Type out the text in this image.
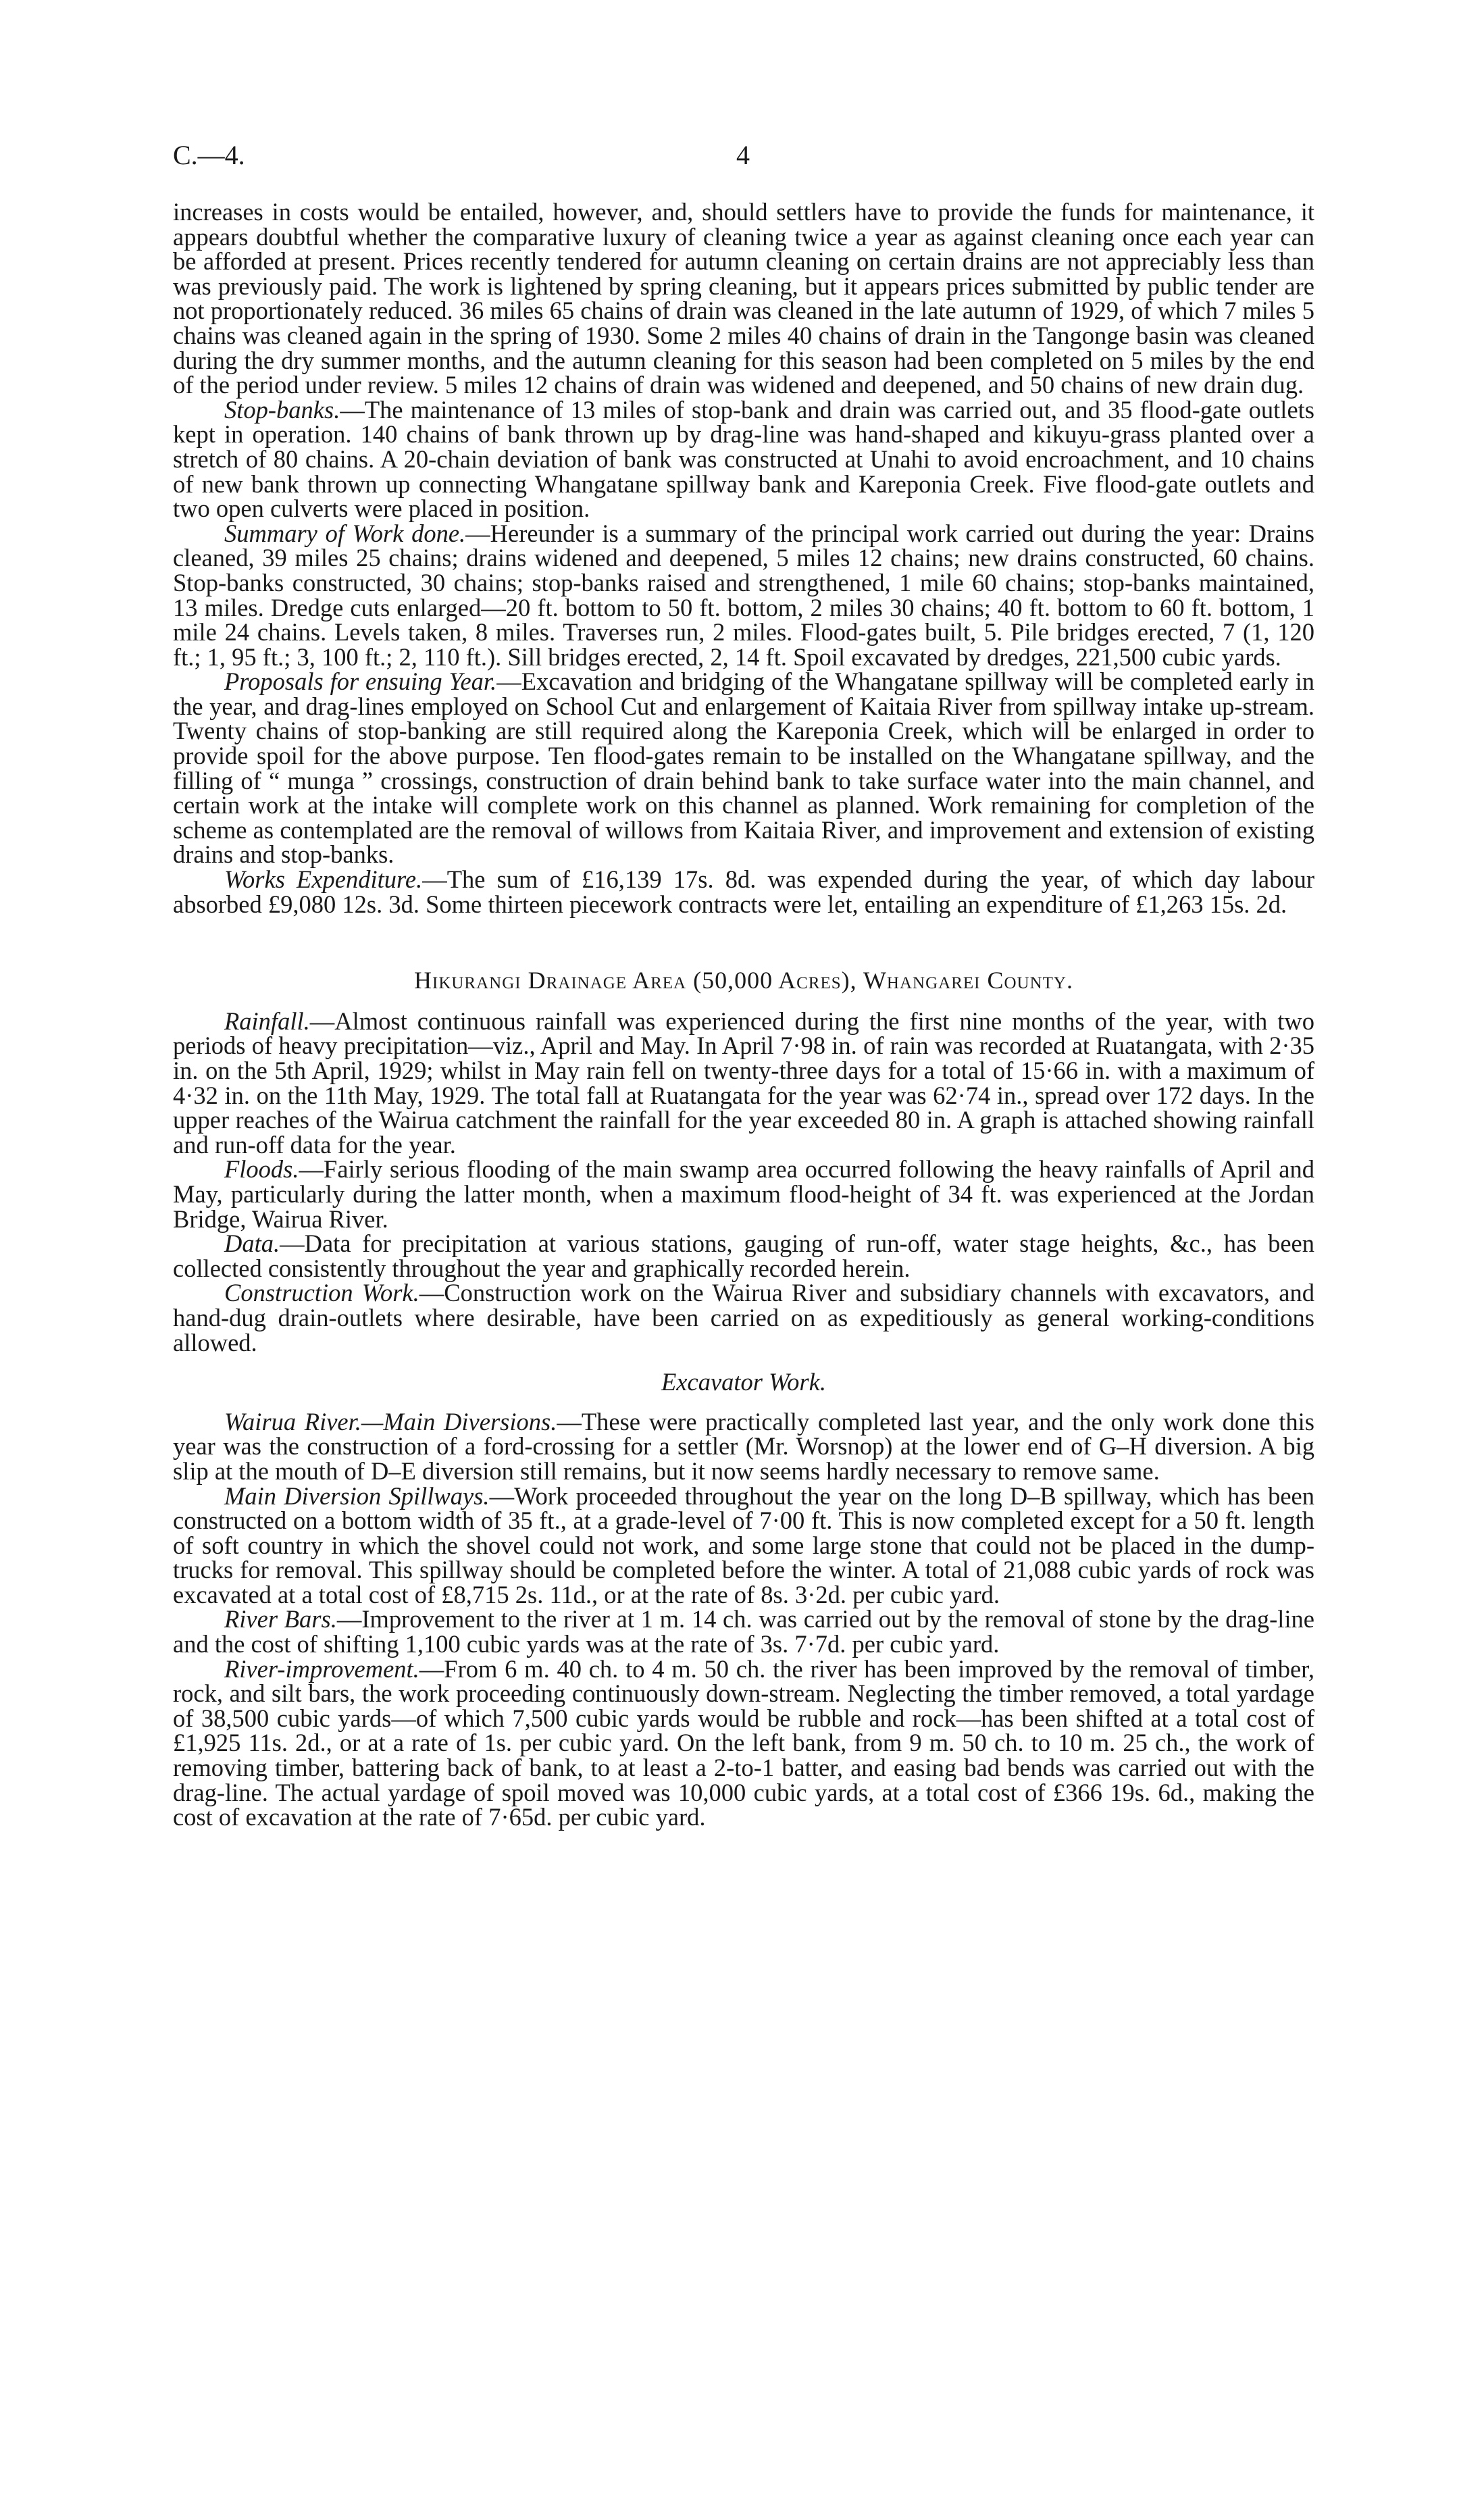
C.—4.	4

increases in costs would be entailed, however, and, should settlers have to provide the funds for maintenance, it appears doubtful whether the comparative luxury of cleaning twice a year as against cleaning once each year can be afforded at present. Prices recently tendered for autumn cleaning on certain drains are not appreciably less than was previously paid. The work is lightened by spring cleaning, but it appears prices submitted by public tender are not proportionately reduced. 36 miles 65 chains of drain was cleaned in the late autumn of 1929, of which 7 miles 5 chains was cleaned again in the spring of 1930. Some 2 miles 40 chains of drain in the Tangonge basin was cleaned during the dry summer months, and the autumn cleaning for this season had been completed on 5 miles by the end of the period under review. 5 miles 12 chains of drain was widened and deepened, and 50 chains of new drain dug.

Stop-banks.—The maintenance of 13 miles of stop-bank and drain was carried out, and 35 flood-gate outlets kept in operation. 140 chains of bank thrown up by drag-line was hand-shaped and kikuyu-grass planted over a stretch of 80 chains. A 20-chain deviation of bank was constructed at Unahi to avoid encroachment, and 10 chains of new bank thrown up connecting Whangatane spillway bank and Kareponia Creek. Five flood-gate outlets and two open culverts were placed in position.

Summary of Work done.—Hereunder is a summary of the principal work carried out during the year: Drains cleaned, 39 miles 25 chains; drains widened and deepened, 5 miles 12 chains; new drains constructed, 60 chains. Stop-banks constructed, 30 chains; stop-banks raised and strengthened, 1 mile 60 chains; stop-banks maintained, 13 miles. Dredge cuts enlarged—20 ft. bottom to 50 ft. bottom, 2 miles 30 chains; 40 ft. bottom to 60 ft. bottom, 1 mile 24 chains. Levels taken, 8 miles. Traverses run, 2 miles. Flood-gates built, 5. Pile bridges erected, 7 (1, 120 ft.; 1, 95 ft.; 3, 100 ft.; 2, 110 ft.). Sill bridges erected, 2, 14 ft. Spoil excavated by dredges, 221,500 cubic yards.

Proposals for ensuing Year.—Excavation and bridging of the Whangatane spillway will be completed early in the year, and drag-lines employed on School Cut and enlargement of Kaitaia River from spillway intake up-stream. Twenty chains of stop-banking are still required along the Kareponia Creek, which will be enlarged in order to provide spoil for the above purpose. Ten flood-gates remain to be installed on the Whangatane spillway, and the filling of “ munga ” crossings, construction of drain behind bank to take surface water into the main channel, and certain work at the intake will complete work on this channel as planned. Work remaining for completion of the scheme as contemplated are the removal of willows from Kaitaia River, and improvement and extension of existing drains and stop-banks.

Works Expenditure.—The sum of £16,139 17s. 8d. was expended during the year, of which day labour absorbed £9,080 12s. 3d. Some thirteen piecework contracts were let, entailing an expenditure of £1,263 15s. 2d.

Hikurangi Drainage Area (50,000 Acres), Whangarei County.

Rainfall.—Almost continuous rainfall was experienced during the first nine months of the year, with two periods of heavy precipitation—viz., April and May. In April 7·98 in. of rain was recorded at Ruatangata, with 2·35 in. on the 5th April, 1929; whilst in May rain fell on twenty-three days for a total of 15·66 in. with a maximum of 4·32 in. on the 11th May, 1929. The total fall at Ruatangata for the year was 62·74 in., spread over 172 days. In the upper reaches of the Wairua catchment the rainfall for the year exceeded 80 in. A graph is attached showing rainfall and run-off data for the year.

Floods.—Fairly serious flooding of the main swamp area occurred following the heavy rainfalls of April and May, particularly during the latter month, when a maximum flood-height of 34 ft. was experienced at the Jordan Bridge, Wairua River.

Data.—Data for precipitation at various stations, gauging of run-off, water stage heights, &c., has been collected consistently throughout the year and graphically recorded herein.

Construction Work.—Construction work on the Wairua River and subsidiary channels with excavators, and hand-dug drain-outlets where desirable, have been carried on as expeditiously as general working-conditions allowed.

Excavator Work.

Wairua River.—Main Diversions.—These were practically completed last year, and the only work done this year was the construction of a ford-crossing for a settler (Mr. Worsnop) at the lower end of G–H diversion. A big slip at the mouth of D–E diversion still remains, but it now seems hardly necessary to remove same.

Main Diversion Spillways.—Work proceeded throughout the year on the long D–B spillway, which has been constructed on a bottom width of 35 ft., at a grade-level of 7·00 ft. This is now completed except for a 50 ft. length of soft country in which the shovel could not work, and some large stone that could not be placed in the dump-trucks for removal. This spillway should be completed before the winter. A total of 21,088 cubic yards of rock was excavated at a total cost of £8,715 2s. 11d., or at the rate of 8s. 3·2d. per cubic yard.

River Bars.—Improvement to the river at 1 m. 14 ch. was carried out by the removal of stone by the drag-line and the cost of shifting 1,100 cubic yards was at the rate of 3s. 7·7d. per cubic yard.

River-improvement.—From 6 m. 40 ch. to 4 m. 50 ch. the river has been improved by the removal of timber, rock, and silt bars, the work proceeding continuously down-stream. Neglecting the timber removed, a total yardage of 38,500 cubic yards—of which 7,500 cubic yards would be rubble and rock—has been shifted at a total cost of £1,925 11s. 2d., or at a rate of 1s. per cubic yard. On the left bank, from 9 m. 50 ch. to 10 m. 25 ch., the work of removing timber, battering back of bank, to at least a 2-to-1 batter, and easing bad bends was carried out with the drag-line. The actual yardage of spoil moved was 10,000 cubic yards, at a total cost of £366 19s. 6d., making the cost of excavation at the rate of 7·65d. per cubic yard.
